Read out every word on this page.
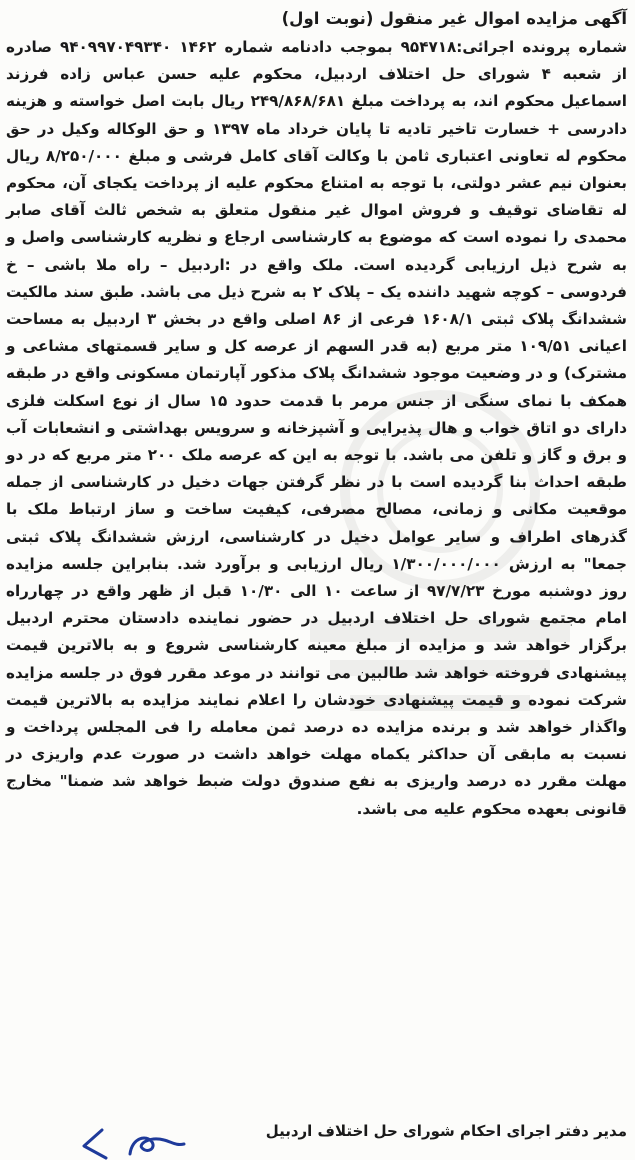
آگهی مزایده اموال غیر منقول (نوبت اول)

شماره پرونده اجرائی:۹۵۴۷۱۸ بموجب دادنامه شماره ۱۴۶۲ ۹۴۰۹۹۷۰۴۹۳۴۰ صادره از شعبه ۴ شورای حل اختلاف اردبیل، محکوم علیه حسن عباس زاده فرزند اسماعیل محکوم اند، به پرداخت مبلغ ۲۴۹/۸۶۸/۶۸۱ ریال بابت اصل خواسته و هزینه دادرسی + خسارت تاخیر تادیه تا پایان خرداد ماه ۱۳۹۷ و حق الوکاله وکیل در حق محکوم له تعاونی اعتباری ثامن با وکالت آقای کامل فرشی و مبلغ ۸/۲۵۰/۰۰۰ ریال بعنوان نیم عشر دولتی، با توجه به امتناع محکوم علیه از پرداخت یکجای آن، محکوم له تقاضای توقیف و فروش اموال غیر منقول متعلق به شخص ثالث آقای صابر محمدی را نموده است که موضوع به کارشناسی ارجاع و نظریه کارشناسی واصل و به شرح ذیل ارزیابی گردیده است. ملک واقع در :اردبیل – راه ملا باشی – خ فردوسی – کوچه شهید داننده یک – پلاک ۲ به شرح ذیل می باشد. طبق سند مالکیت ششدانگ پلاک ثبتی ۱۶۰۸/۱ فرعی از ۸۶ اصلی واقع در بخش ۳ اردبیل به مساحت اعیانی ۱۰۹/۵۱ متر مربع (به قدر السهم از عرصه کل و سایر قسمتهای مشاعی و مشترک) و در وضعیت موجود ششدانگ پلاک مذکور آپارتمان مسکونی واقع در طبقه همکف با نمای سنگی از جنس مرمر با قدمت حدود ۱۵ سال از نوع اسکلت فلزی دارای دو اتاق خواب و هال پذیرایی و آشپزخانه و سرویس بهداشتی و انشعابات آب و برق و گاز و تلفن می باشد. با توجه به این که عرصه ملک ۲۰۰ متر مربع که در دو طبقه احداث بنا گردیده است با در نظر گرفتن جهات دخیل در کارشناسی از جمله موقعیت مکانی و زمانی، مصالح مصرفی، کیفیت ساخت و ساز ارتباط ملک با گذرهای اطراف و سایر عوامل دخیل در کارشناسی، ارزش ششدانگ پلاک ثبتی جمعا" به ارزش ۱/۳۰۰/۰۰۰/۰۰۰ ریال ارزیابی و برآورد شد. بنابراین جلسه مزایده روز دوشنبه مورخ ۹۷/۷/۲۳ از ساعت ۱۰ الی ۱۰/۳۰ قبل از ظهر واقع در چهارراه امام مجتمع شورای حل اختلاف اردبیل در حضور نماینده دادستان محترم اردبیل برگزار خواهد شد و مزایده از مبلغ معینه کارشناسی شروع و به بالاترین قیمت پیشنهادی فروخته خواهد شد طالبین می توانند در موعد مقرر فوق در جلسه مزایده شرکت نموده و قیمت پیشنهادی خودشان را اعلام نمایند مزایده به بالاترین قیمت واگذار خواهد شد و برنده مزایده ده درصد ثمن معامله را فی المجلس پرداخت و نسبت به مابقی آن حداکثر یکماه مهلت خواهد داشت در صورت عدم واریزی در مهلت مقرر ده درصد واریزی به نفع صندوق دولت ضبط خواهد شد ضمنا" مخارج قانونی بعهده محکوم علیه می باشد.

مدیر دفتر اجرای احکام شورای حل اختلاف اردبیل
